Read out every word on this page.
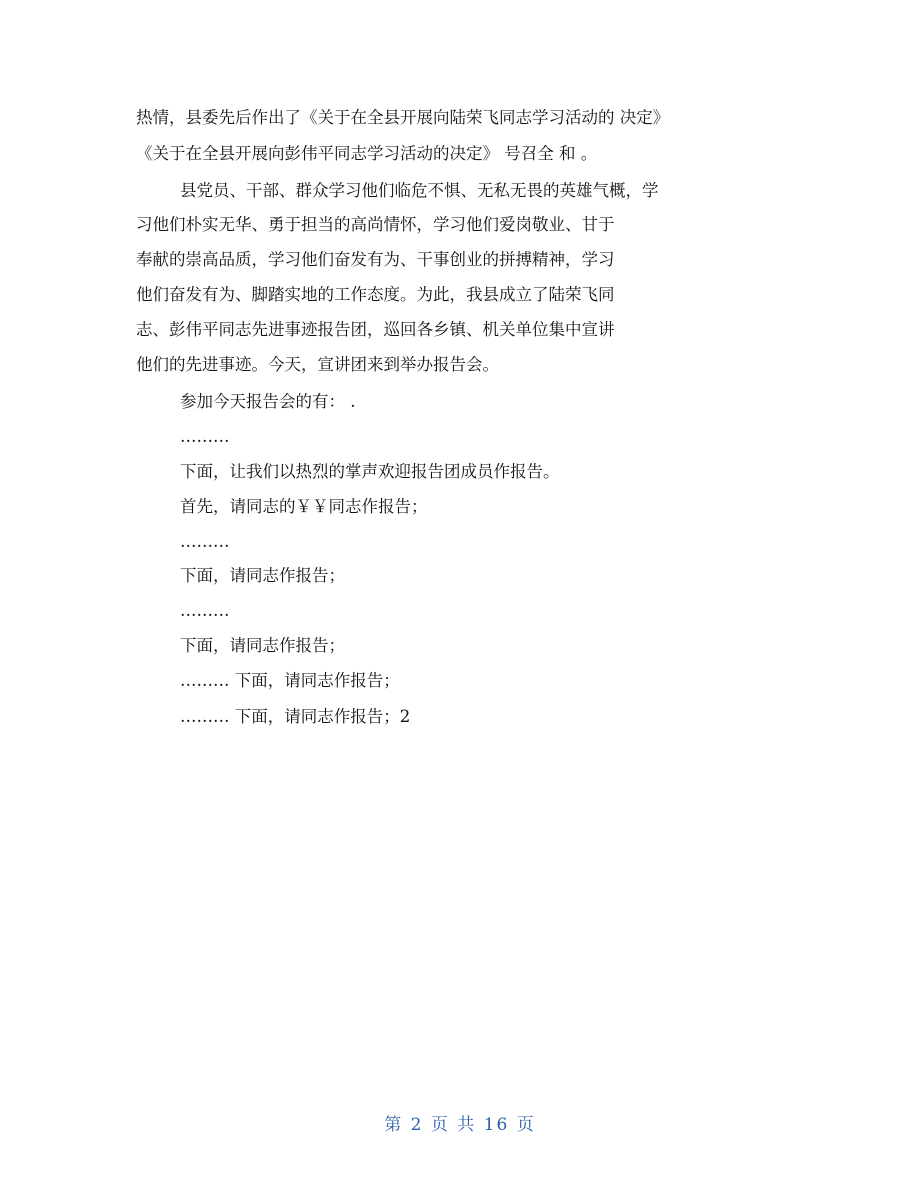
热情，县委先后作出了《关于在全县开展向陆荣飞同志学习活动的 决定》
《关于在全县开展向彭伟平同志学习活动的决定》 号召全 和 。
县党员、干部、群众学习他们临危不惧、无私无畏的英雄气概，学
习他们朴实无华、勇于担当的高尚情怀，学习他们爱岗敬业、甘于
奉献的崇高品质，学习他们奋发有为、干事创业的拼搏精神，学习
他们奋发有为、脚踏实地的工作态度。为此，我县成立了陆荣飞同
志、彭伟平同志先进事迹报告团，巡回各乡镇、机关单位集中宣讲
他们的先进事迹。今天，宣讲团来到举办报告会。
参加今天报告会的有： .
………
下面，让我们以热烈的掌声欢迎报告团成员作报告。
首先，请同志的￥￥同志作报告；
………
下面，请同志作报告；
………
下面，请同志作报告；
……… 下面，请同志作报告；
……… 下面，请同志作报告；2
第 2 页 共 16 页
